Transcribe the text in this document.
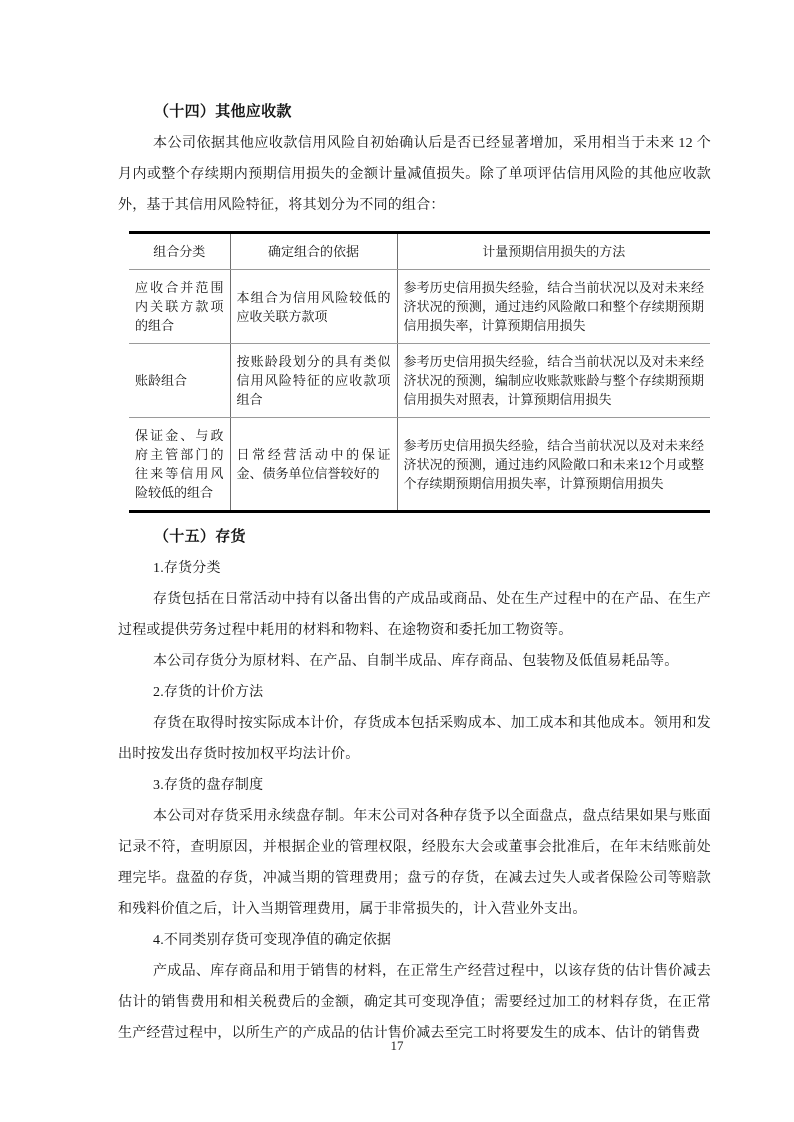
（十四）其他应收款

本公司依据其他应收款信用风险自初始确认后是否已经显著增加，采用相当于未来 12 个月内或整个存续期内预期信用损失的金额计量减值损失。除了单项评估信用风险的其他应收款外，基于其信用风险特征，将其划分为不同的组合：

组合分类	确定组合的依据	计量预期信用损失的方法
应收合并范围内关联方款项的组合	本组合为信用风险较低的应收关联方款项	参考历史信用损失经验，结合当前状况以及对未来经济状况的预测，通过违约风险敞口和整个存续期预期信用损失率，计算预期信用损失
账龄组合	按账龄段划分的具有类似信用风险特征的应收款项组合	参考历史信用损失经验，结合当前状况以及对未来经济状况的预测，编制应收账款账龄与整个存续期预期信用损失对照表，计算预期信用损失
保证金、与政府主管部门的往来等信用风险较低的组合	日常经营活动中的保证金、债务单位信誉较好的	参考历史信用损失经验，结合当前状况以及对未来经济状况的预测，通过违约风险敞口和未来12个月或整个存续期预期信用损失率，计算预期信用损失
（十五）存货

1.存货分类

存货包括在日常活动中持有以备出售的产成品或商品、处在生产过程中的在产品、在生产过程或提供劳务过程中耗用的材料和物料、在途物资和委托加工物资等。

本公司存货分为原材料、在产品、自制半成品、库存商品、包装物及低值易耗品等。

2.存货的计价方法

存货在取得时按实际成本计价，存货成本包括采购成本、加工成本和其他成本。领用和发出时按发出存货时按加权平均法计价。

3.存货的盘存制度

本公司对存货采用永续盘存制。年末公司对各种存货予以全面盘点，盘点结果如果与账面记录不符，查明原因，并根据企业的管理权限，经股东大会或董事会批准后，在年末结账前处理完毕。盘盈的存货，冲减当期的管理费用；盘亏的存货，在减去过失人或者保险公司等赔款和残料价值之后，计入当期管理费用，属于非常损失的，计入营业外支出。

4.不同类别存货可变现净值的确定依据

产成品、库存商品和用于销售的材料，在正常生产经营过程中，以该存货的估计售价减去估计的销售费用和相关税费后的金额，确定其可变现净值；需要经过加工的材料存货，在正常生产经营过程中，以所生产的产成品的估计售价减去至完工时将要发生的成本、估计的销售费

17
